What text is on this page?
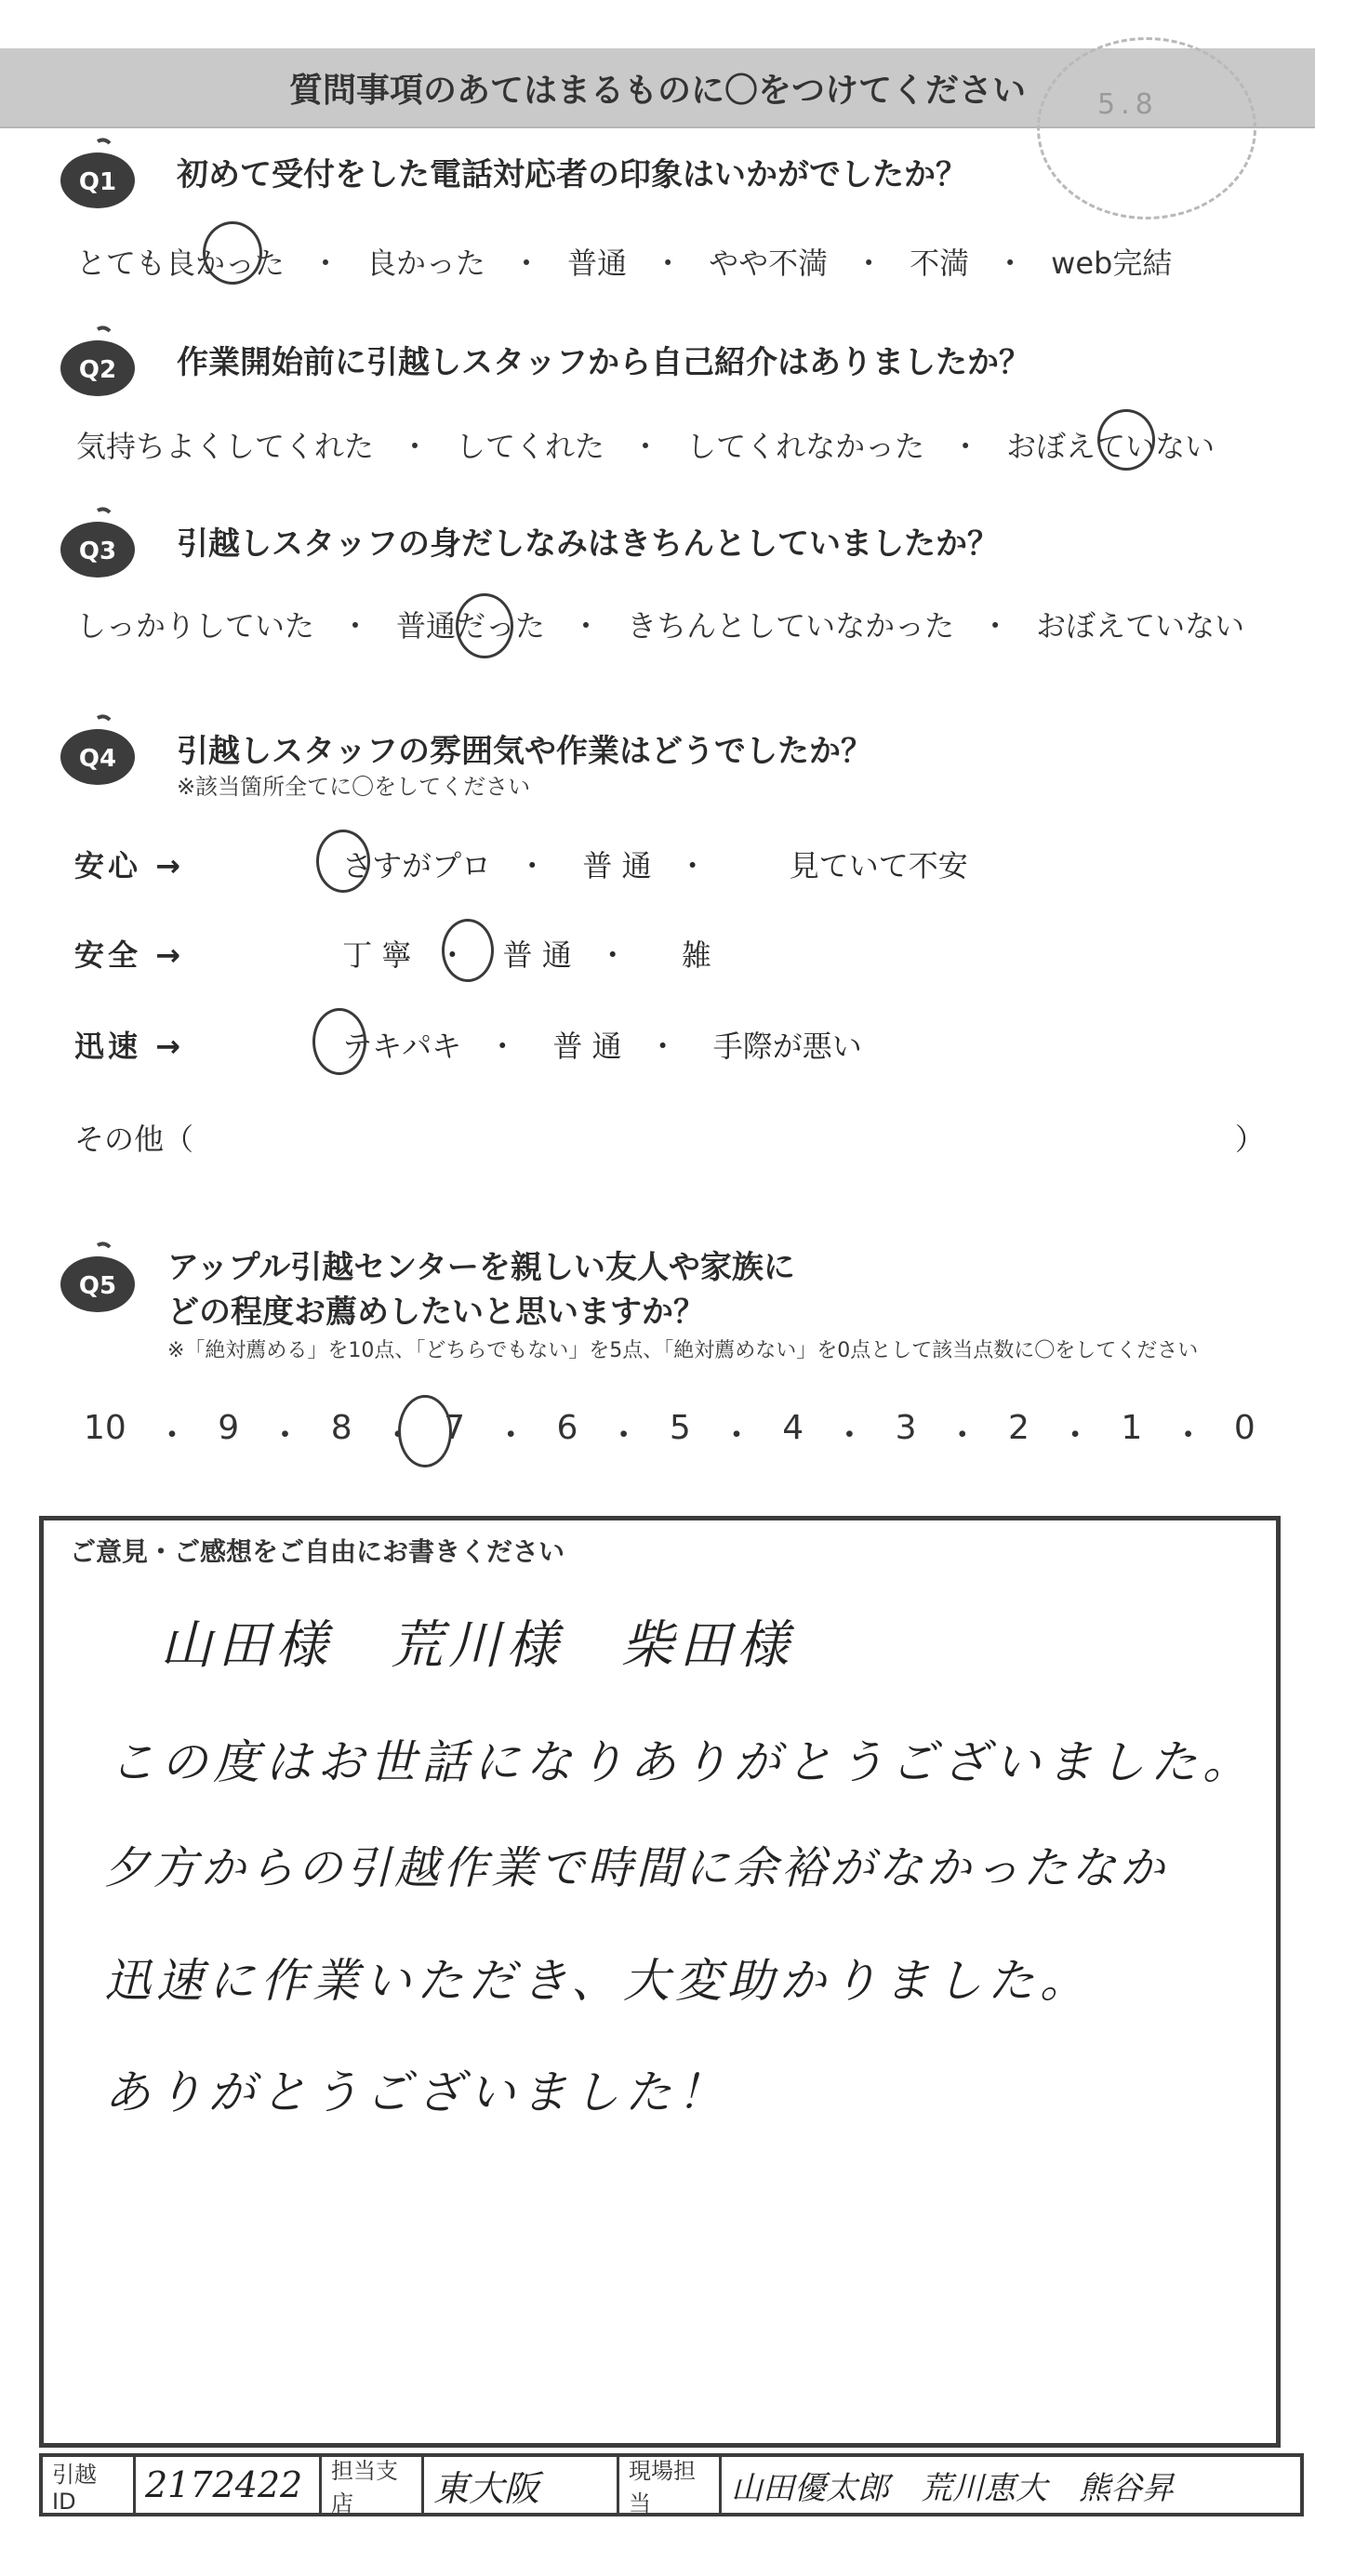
質問事項のあてはまるものに〇をつけてください	5.8
Q1 初めて受付をした電話対応者の印象はいかがでしたか？
とても良かった ・ 良かった ・ 普通 ・ やや不満 ・ 不満 ・ web完結
Q2 作業開始前に引越しスタッフから自己紹介はありましたか？
気持ちよくしてくれた ・ してくれた ・ してくれなかった ・ おぼえていない
Q3 引越しスタッフの身だしなみはきちんとしていましたか？
しっかりしていた ・ 普通だった ・ きちんとしていなかった ・ おぼえていない
Q4 引越しスタッフの雰囲気や作業はどうでしたか？
※該当箇所全てに〇をしてください
安心 →	さすがプロ ・ 普 通 ・	見ていて不安
安全 →	丁 寧 ・ 普 通 ・ 雑
迅速 →	テキパキ ・ 普 通 ・ 手際が悪い
その他（	）
Q5 アップル引越センターを親しい友人や家族に
どの程度お薦めしたいと思いますか？
※「絶対薦める」を10点、「どちらでもない」を5点、「絶対薦めない」を0点として該当点数に〇をしてください
10 ・ 9 ・ 8 ・ 7 ・ 6 ・ 5 ・ 4 ・ 3 ・ 2 ・ 1 ・ 0
ご意見・ご感想をご自由にお書きください
山田様　荒川様　柴田様
この度はお世話になりありがとうございました。
夕方からの引越作業で時間に余裕がなかったなか
迅速に作業いただき、大変助かりました。
ありがとうございました！
引越 ID	2172422	担当支店	東大阪	現場担当	山田優太郎　荒川恵大　熊谷昇
